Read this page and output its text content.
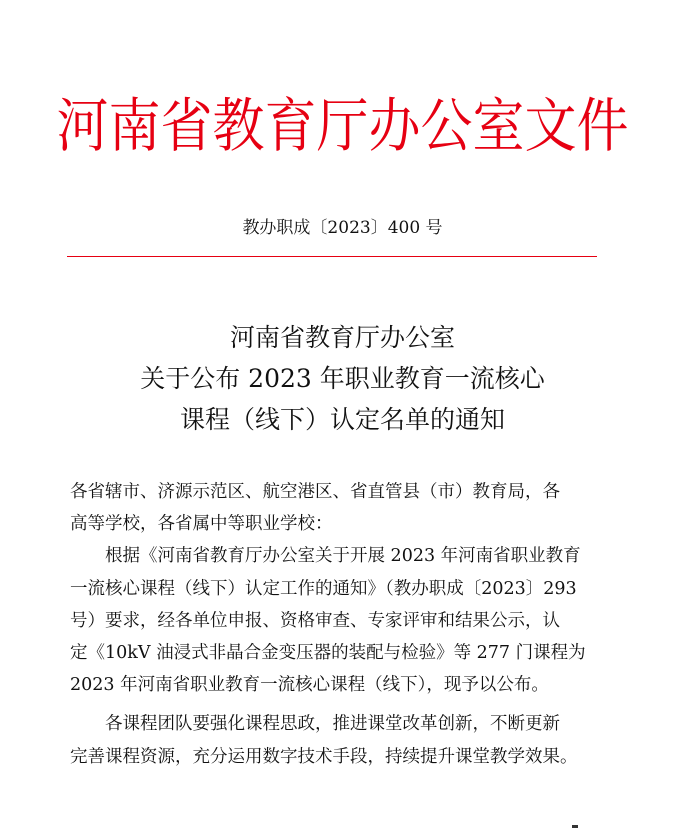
河南省教育厅办公室文件
教办职成〔2023〕400 号
河南省教育厅办公室
关于公布 2023 年职业教育一流核心
课程（线下）认定名单的通知
各省辖市、济源示范区、航空港区、省直管县（市）教育局，各
高等学校，各省属中等职业学校：
根据《河南省教育厅办公室关于开展 2023 年河南省职业教育
一流核心课程（线下）认定工作的通知》（教办职成〔2023〕293
号）要求，经各单位申报、资格审查、专家评审和结果公示，认
定《10kV 油浸式非晶合金变压器的装配与检验》等 277 门课程为
2023 年河南省职业教育一流核心课程（线下），现予以公布。
各课程团队要强化课程思政，推进课堂改革创新，不断更新
完善课程资源，充分运用数字技术手段，持续提升课堂教学效果。
